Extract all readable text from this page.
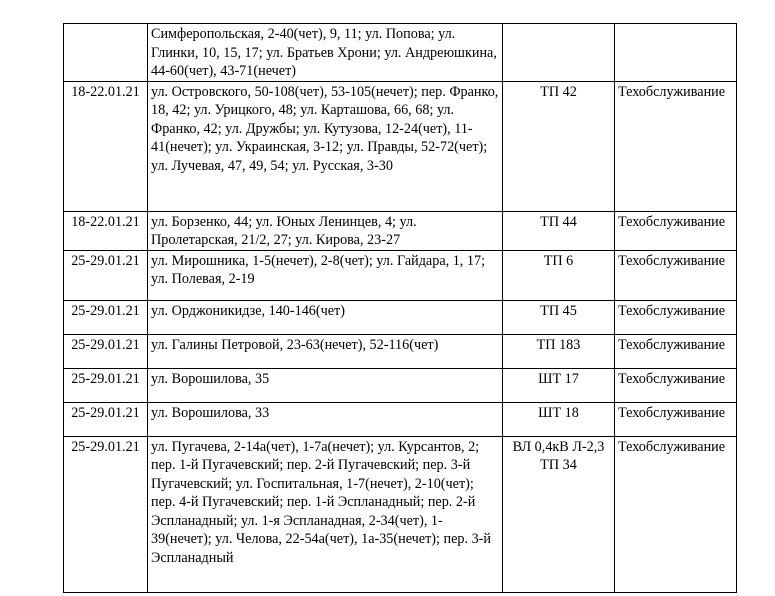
	Симферопольская, 2-40(чет), 9, 11; ул. Попова; ул. Глинки, 10, 15, 17; ул. Братьев Хрони; ул. Андреюшкина, 44-60(чет), 43-71(нечет)		
18-22.01.21	ул. Островского, 50-108(чет), 53-105(нечет); пер. Франко, 18, 42; ул. Урицкого, 48; ул. Карташова, 66, 68; ул. Франко, 42; ул. Дружбы; ул. Кутузова, 12-24(чет), 11-41(нечет); ул. Украинская, 3-12; ул. Правды, 52-72(чет); ул. Лучевая, 47, 49, 54; ул. Русская, 3-30	ТП 42	Техобслуживание
18-22.01.21	ул. Борзенко, 44; ул. Юных Ленинцев, 4; ул. Пролетарская, 21/2, 27; ул. Кирова, 23-27	ТП 44	Техобслуживание
25-29.01.21	ул. Мирошника, 1-5(нечет), 2-8(чет); ул. Гайдара, 1, 17; ул. Полевая, 2-19	ТП 6	Техобслуживание
25-29.01.21	ул. Орджоникидзе, 140-146(чет)	ТП 45	Техобслуживание
25-29.01.21	ул. Галины Петровой, 23-63(нечет), 52-116(чет)	ТП 183	Техобслуживание
25-29.01.21	ул. Ворошилова, 35	ШТ 17	Техобслуживание
25-29.01.21	ул. Ворошилова, 33	ШТ 18	Техобслуживание
25-29.01.21	ул. Пугачева, 2-14а(чет), 1-7а(нечет); ул. Курсантов, 2; пер. 1-й Пугачевский; пер. 2-й Пугачевский; пер. 3-й Пугачевский; ул. Госпитальная, 1-7(нечет), 2-10(чет); пер. 4-й Пугачевский; пер. 1-й Эспланадный; пер. 2-й Эспланадный; ул. 1-я Эспланадная, 2-34(чет), 1-39(нечет); ул. Челова, 22-54а(чет), 1а-35(нечет); пер. 3-й Эспланадный	ВЛ 0,4кВ Л-2,3 ТП 34	Техобслуживание
